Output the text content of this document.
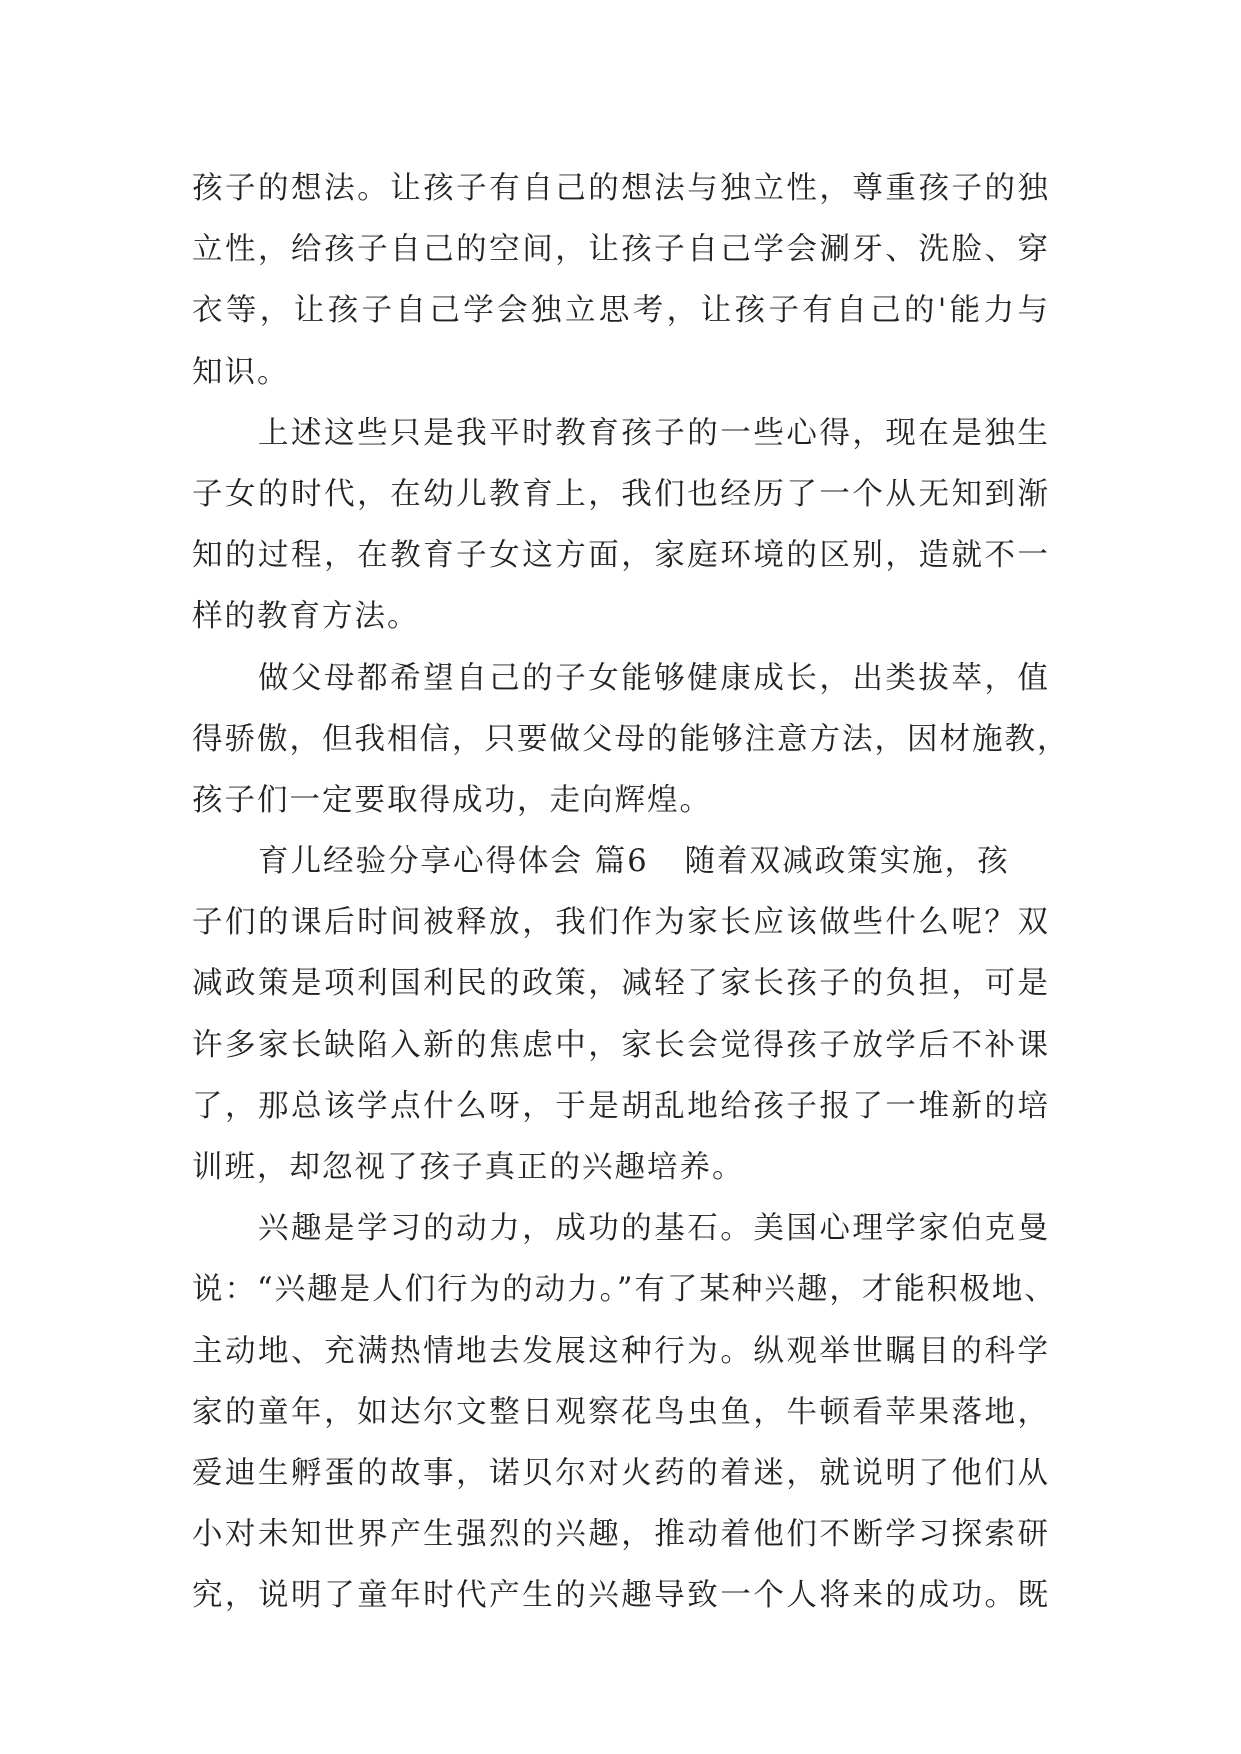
孩子的想法。让孩子有自己的想法与独立性，尊重孩子的独
立性，给孩子自己的空间，让孩子自己学会涮牙、洗脸、穿
衣等，让孩子自己学会独立思考，让孩子有自己的'能力与
知识。
上述这些只是我平时教育孩子的一些心得，现在是独生
子女的时代，在幼儿教育上，我们也经历了一个从无知到渐
知的过程，在教育子女这方面，家庭环境的区别，造就不一
样的教育方法。
做父母都希望自己的子女能够健康成长，出类拔萃，值
得骄傲，但我相信，只要做父母的能够注意方法，因材施教，
孩子们一定要取得成功，走向辉煌。
育儿经验分享心得体会 篇6 随着双减政策实施，孩
子们的课后时间被释放，我们作为家长应该做些什么呢？双
减政策是项利国利民的政策，减轻了家长孩子的负担，可是
许多家长缺陷入新的焦虑中，家长会觉得孩子放学后不补课
了，那总该学点什么呀，于是胡乱地给孩子报了一堆新的培
训班，却忽视了孩子真正的兴趣培养。
兴趣是学习的动力，成功的基石。美国心理学家伯克曼
说：“兴趣是人们行为的动力。”有了某种兴趣，才能积极地、
主动地、充满热情地去发展这种行为。纵观举世瞩目的科学
家的童年，如达尔文整日观察花鸟虫鱼，牛顿看苹果落地，
爱迪生孵蛋的故事，诺贝尔对火药的着迷，就说明了他们从
小对未知世界产生强烈的兴趣，推动着他们不断学习探索研
究，说明了童年时代产生的兴趣导致一个人将来的成功。既
